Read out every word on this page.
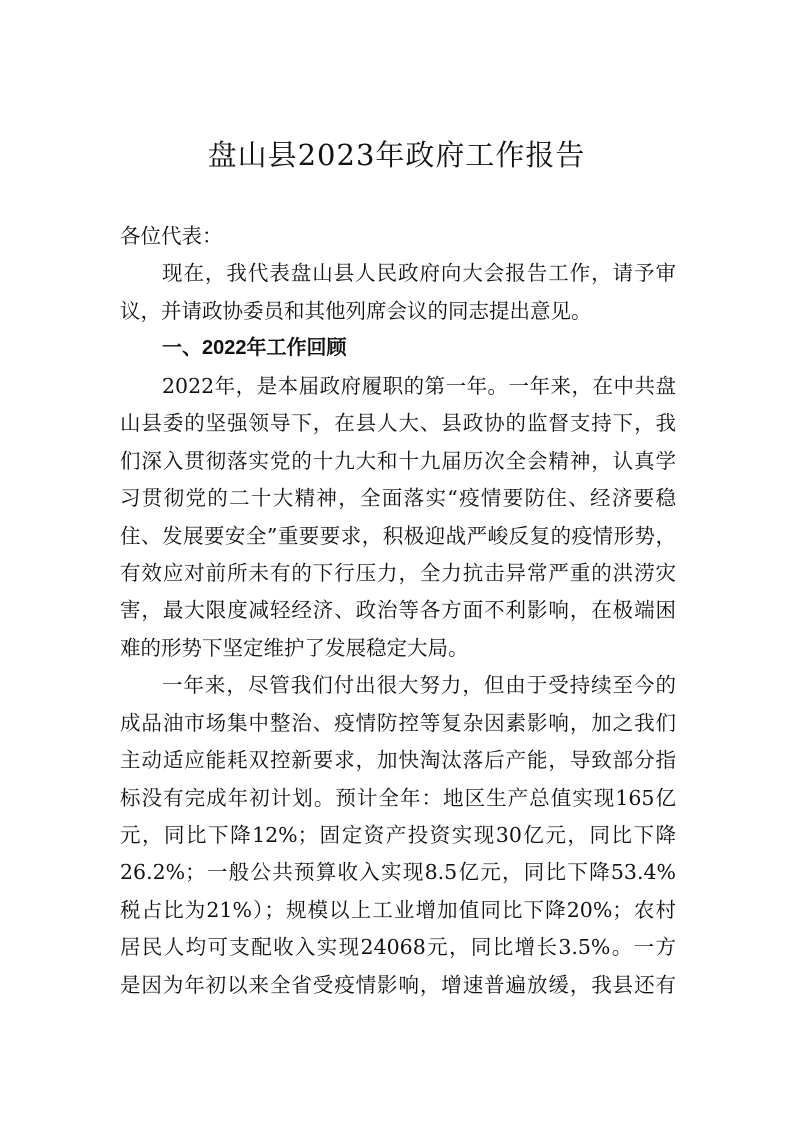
盘山县2023年政府工作报告
各位代表：
现在，我代表盘山县人民政府向大会报告工作，请予审
议，并请政协委员和其他列席会议的同志提出意见。
一、2022年工作回顾
2022年，是本届政府履职的第一年。一年来，在中共盘
山县委的坚强领导下，在县人大、县政协的监督支持下，我
们深入贯彻落实党的十九大和十九届历次全会精神，认真学
习贯彻党的二十大精神，全面落实“疫情要防住、经济要稳
住、发展要安全”重要要求，积极迎战严峻反复的疫情形势，
有效应对前所未有的下行压力，全力抗击异常严重的洪涝灾
害，最大限度减轻经济、政治等各方面不利影响，在极端困
难的形势下坚定维护了发展稳定大局。
一年来，尽管我们付出很大努力，但由于受持续至今的
成品油市场集中整治、疫情防控等复杂因素影响，加之我们
主动适应能耗双控新要求，加快淘汰落后产能，导致部分指
标没有完成年初计划。预计全年：地区生产总值实现165亿
元，同比下降12%；固定资产投资实现30亿元，同比下降
26.2%；一般公共预算收入实现8.5亿元，同比下降53.4%
税占比为21%）；规模以上工业增加值同比下降20%；农村
居民人均可支配收入实现24068元，同比增长3.5%。一方
是因为年初以来全省受疫情影响，增速普遍放缓，我县还有
